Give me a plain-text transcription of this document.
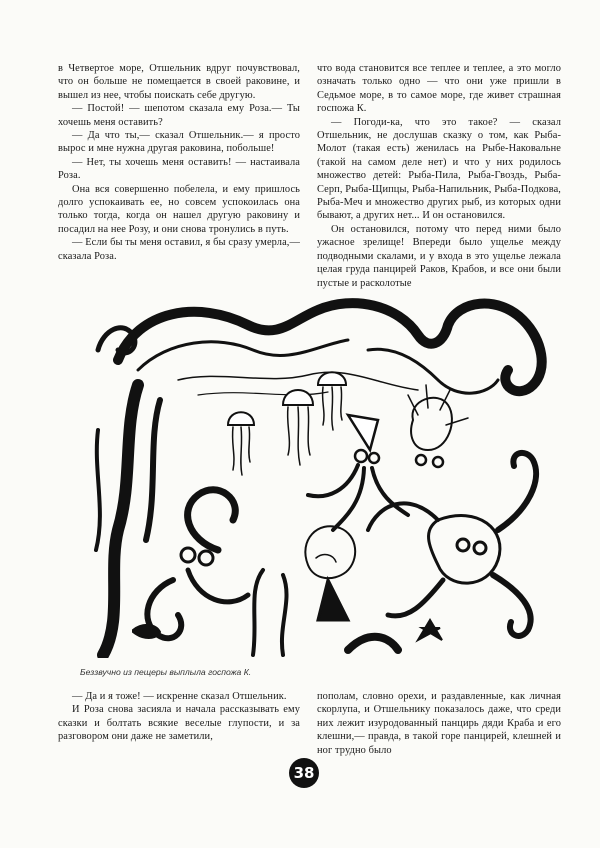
в Четвертое море, Отшельник вдруг почувствовал, что он больше не помещается в своей раковине, и вышел из нее, чтобы поискать себе другую.

— Постой! — шепотом сказала ему Роза.— Ты хочешь меня оставить?

— Да что ты,— сказал Отшельник.— я просто вырос и мне нужна другая раковина, побольше!

— Нет, ты хочешь меня оставить! — настаивала Роза.

Она вся совершенно побелела, и ему пришлось долго успокаивать ее, но совсем успокоилась она только тогда, когда он нашел другую раковину и посадил на нее Розу, и они снова тронулись в путь.

— Если бы ты меня оставил, я бы сразу умерла,— сказала Роза.

что вода становится все теплее и теплее, а это могло означать только одно — что они уже пришли в Седьмое море, в то самое море, где живет страшная госпожа К.

— Погоди-ка, что это такое? — сказал Отшельник, не дослушав сказку о том, как Рыба-Молот (такая есть) женилась на Рыбе-Наковальне (такой на самом деле нет) и что у них родилось множество детей: Рыба-Пила, Рыба-Гвоздь, Рыба-Серп, Рыба-Щипцы, Рыба-Напильник, Рыба-Подкова, Рыба-Меч и множество других рыб, из которых одни бывают, а других нет... И он остановился.

Он остановился, потому что перед ними было ужасное зрелище! Впереди было ущелье между подводными скалами, и у входа в это ущелье лежала целая груда панцирей Раков, Крабов, и все они были пустые и расколотые

Беззвучно из пещеры выплыла госпожа К.

— Да и я тоже! — искренне сказал Отшельник.

И Роза снова засияла и начала рассказывать ему сказки и болтать всякие веселые глупости, и за разговором они даже не заметили,

пополам, словно орехи, и раздавленные, как личная скорлупа, и Отшельнику показалось даже, что среди них лежит изуродованный панцирь дяди Краба и его клешни,— правда, в такой горе панцирей, клешней и ног трудно было

38
